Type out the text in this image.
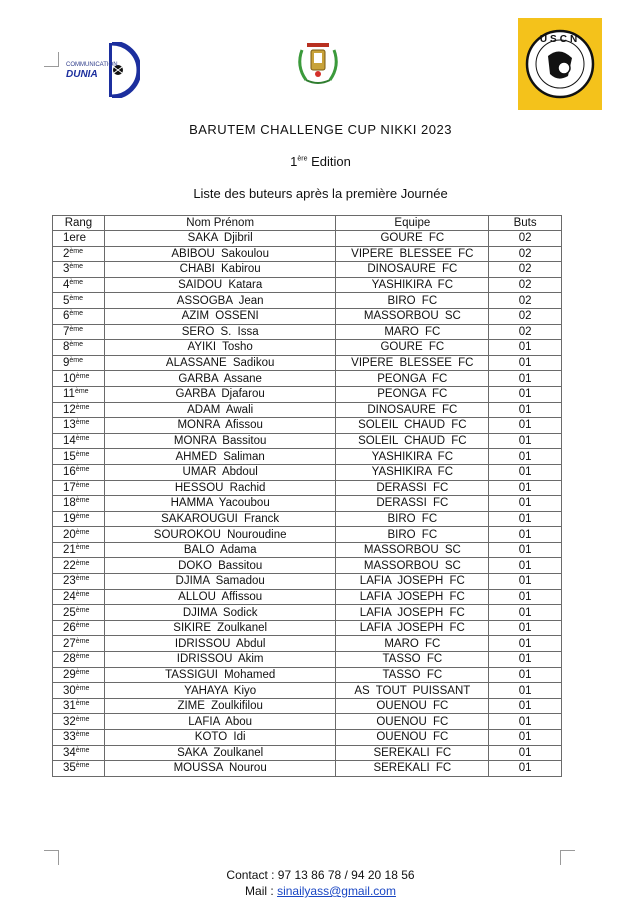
COMMUNICATION
DUNIA
USCN
BARUTEM CHALLENGE CUP NIKKI 2023
1ère Edition
Liste des buteurs après la première Journée
Rang	Nom Prénom	Equipe	Buts
1ere	SAKA Djibril	GOURE FC	02
2ème	ABIBOU Sakoulou	VIPERE BLESSEE FC	02
3ème	CHABI Kabirou	DINOSAURE FC	02
4ème	SAIDOU Katara	YASHIKIRA FC	02
5ème	ASSOGBA Jean	BIRO FC	02
6ème	AZIM OSSENI	MASSORBOU SC	02
7ème	SERO S. Issa	MARO FC	02
8ème	AYIKI Tosho	GOURE FC	01
9ème	ALASSANE Sadikou	VIPERE BLESSEE FC	01
10ème	GARBA Assane	PEONGA FC	01
11ème	GARBA Djafarou	PEONGA FC	01
12ème	ADAM Awali	DINOSAURE FC	01
13ème	MONRA Afissou	SOLEIL CHAUD FC	01
14ème	MONRA Bassitou	SOLEIL CHAUD FC	01
15ème	AHMED Saliman	YASHIKIRA FC	01
16ème	UMAR Abdoul	YASHIKIRA FC	01
17ème	HESSOU Rachid	DERASSI FC	01
18ème	HAMMA Yacoubou	DERASSI FC	01
19ème	SAKAROUGUI Franck	BIRO FC	01
20ème	SOUROKOU Nouroudine	BIRO FC	01
21ème	BALO Adama	MASSORBOU SC	01
22ème	DOKO Bassitou	MASSORBOU SC	01
23ème	DJIMA Samadou	LAFIA JOSEPH FC	01
24ème	ALLOU Affissou	LAFIA JOSEPH FC	01
25ème	DJIMA Sodick	LAFIA JOSEPH FC	01
26ème	SIKIRE Zoulkanel	LAFIA JOSEPH FC	01
27ème	IDRISSOU Abdul	MARO FC	01
28ème	IDRISSOU Akim	TASSO FC	01
29ème	TASSIGUI Mohamed	TASSO FC	01
30ème	YAHAYA Kiyo	AS TOUT PUISSANT	01
31ème	ZIME Zoulkifilou	OUENOU FC	01
32ème	LAFIA Abou	OUENOU FC	01
33ème	KOTO Idi	OUENOU FC	01
34ème	SAKA Zoulkanel	SEREKALI FC	01
35ème	MOUSSA Nourou	SEREKALI FC	01
Contact : 97 13 86 78 / 94 20 18 56
Mail : sinailyass@gmail.com
